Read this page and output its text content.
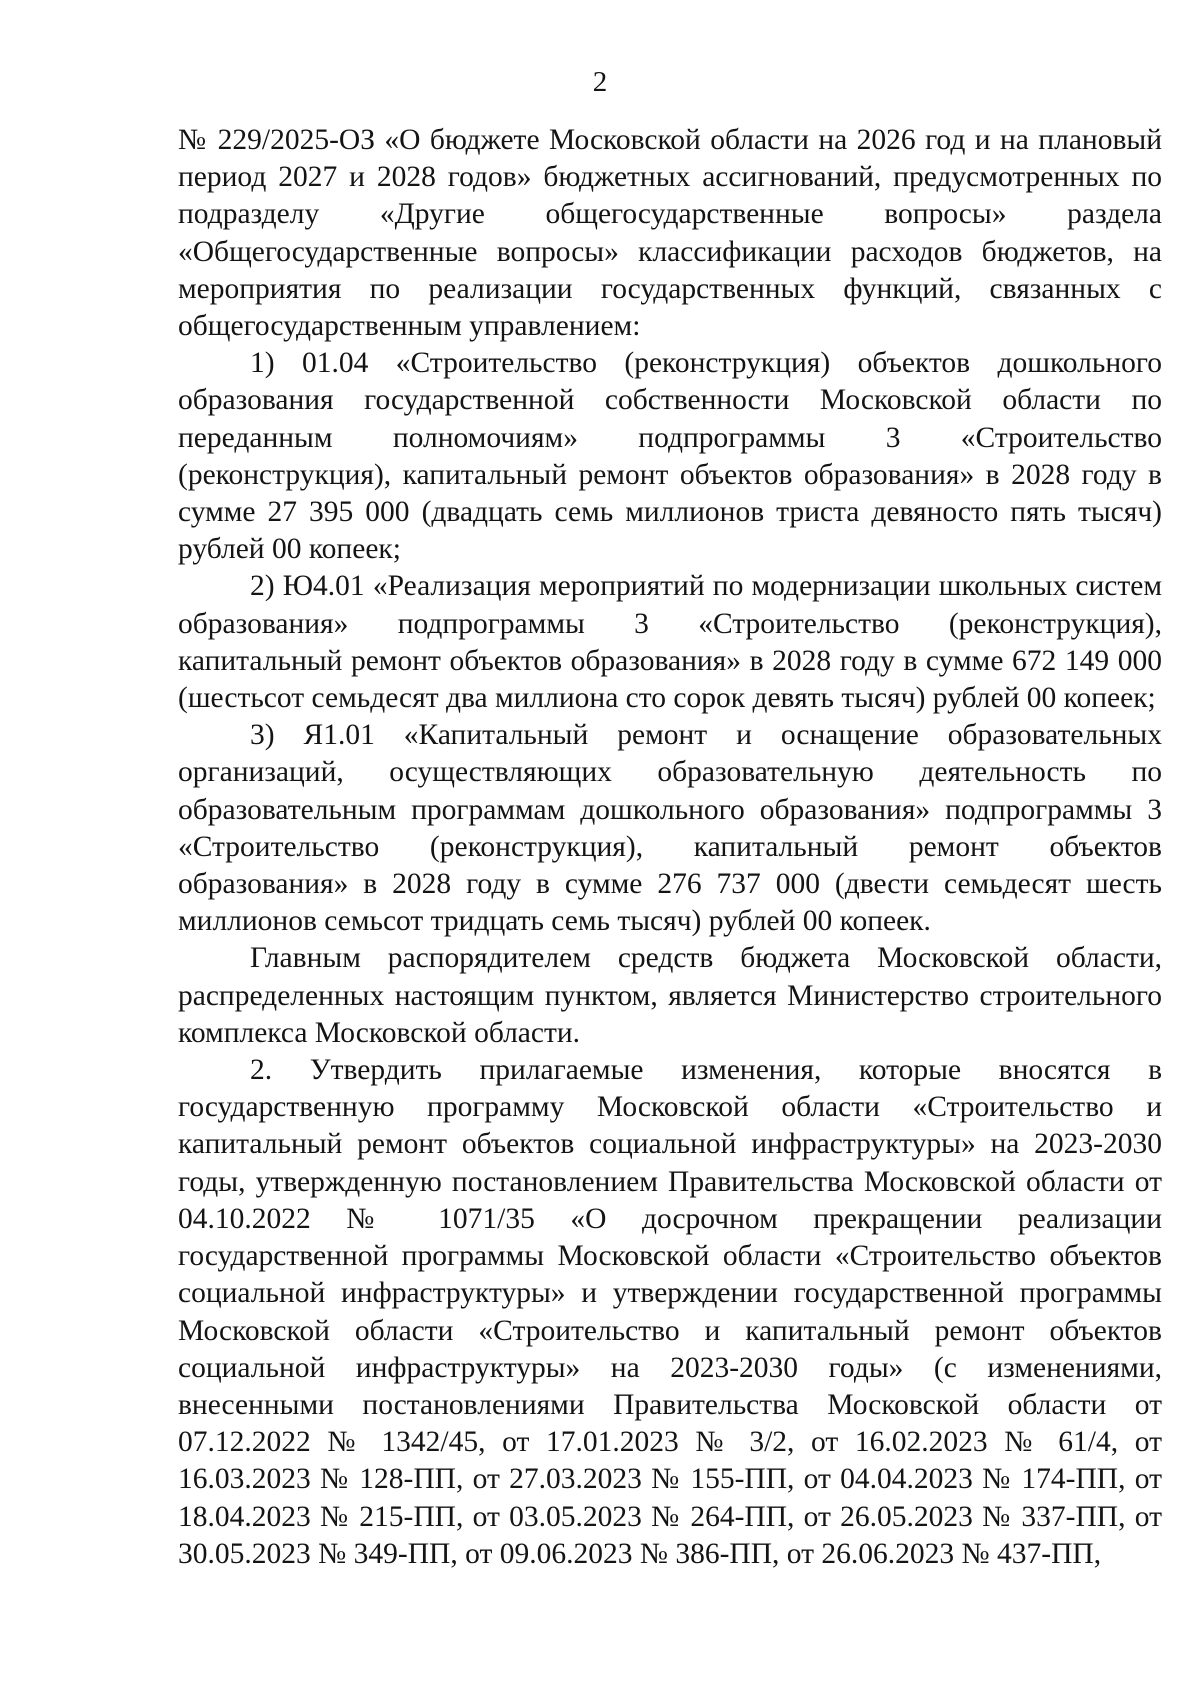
2

№ 229/2025-ОЗ «О бюджете Московской области на 2026 год и на плановый период 2027 и 2028 годов» бюджетных ассигнований, предусмотренных по подразделу «Другие общегосударственные вопросы» раздела «Общегосударственные вопросы» классификации расходов бюджетов, на мероприятия по реализации государственных функций, связанных с общегосударственным управлением:

1) 01.04 «Строительство (реконструкция) объектов дошкольного образования государственной собственности Московской области по переданным полномочиям» подпрограммы 3 «Строительство (реконструкция), капитальный ремонт объектов образования» в 2028 году в сумме 27 395 000 (двадцать семь миллионов триста девяносто пять тысяч) рублей 00 копеек;

2) Ю4.01 «Реализация мероприятий по модернизации школьных систем образования» подпрограммы 3 «Строительство (реконструкция), капитальный ремонт объектов образования» в 2028 году в сумме 672 149 000 (шестьсот семьдесят два миллиона сто сорок девять тысяч) рублей 00 копеек;

3) Я1.01 «Капитальный ремонт и оснащение образовательных организаций, осуществляющих образовательную деятельность по образовательным программам дошкольного образования» подпрограммы 3 «Строительство (реконструкция), капитальный ремонт объектов образования» в 2028 году в сумме 276 737 000 (двести семьдесят шесть миллионов семьсот тридцать семь тысяч) рублей 00 копеек.

Главным распорядителем средств бюджета Московской области, распределенных настоящим пунктом, является Министерство строительного комплекса Московской области.

2. Утвердить прилагаемые изменения, которые вносятся в государственную программу Московской области «Строительство и капитальный ремонт объектов социальной инфраструктуры» на 2023-2030 годы, утвержденную постановлением Правительства Московской области от 04.10.2022 № 1071/35 «О досрочном прекращении реализации государственной программы Московской области «Строительство объектов социальной инфраструктуры» и утверждении государственной программы Московской области «Строительство и капитальный ремонт объектов социальной инфраструктуры» на 2023-2030 годы» (с изменениями, внесенными постановлениями Правительства Московской области от 07.12.2022 № 1342/45, от 17.01.2023 № 3/2, от 16.02.2023 № 61/4, от 16.03.2023 № 128-ПП, от 27.03.2023 № 155-ПП, от 04.04.2023 № 174-ПП, от 18.04.2023 № 215-ПП, от 03.05.2023 № 264-ПП, от 26.05.2023 № 337-ПП, от 30.05.2023 № 349-ПП, от 09.06.2023 № 386-ПП, от 26.06.2023 № 437-ПП,
